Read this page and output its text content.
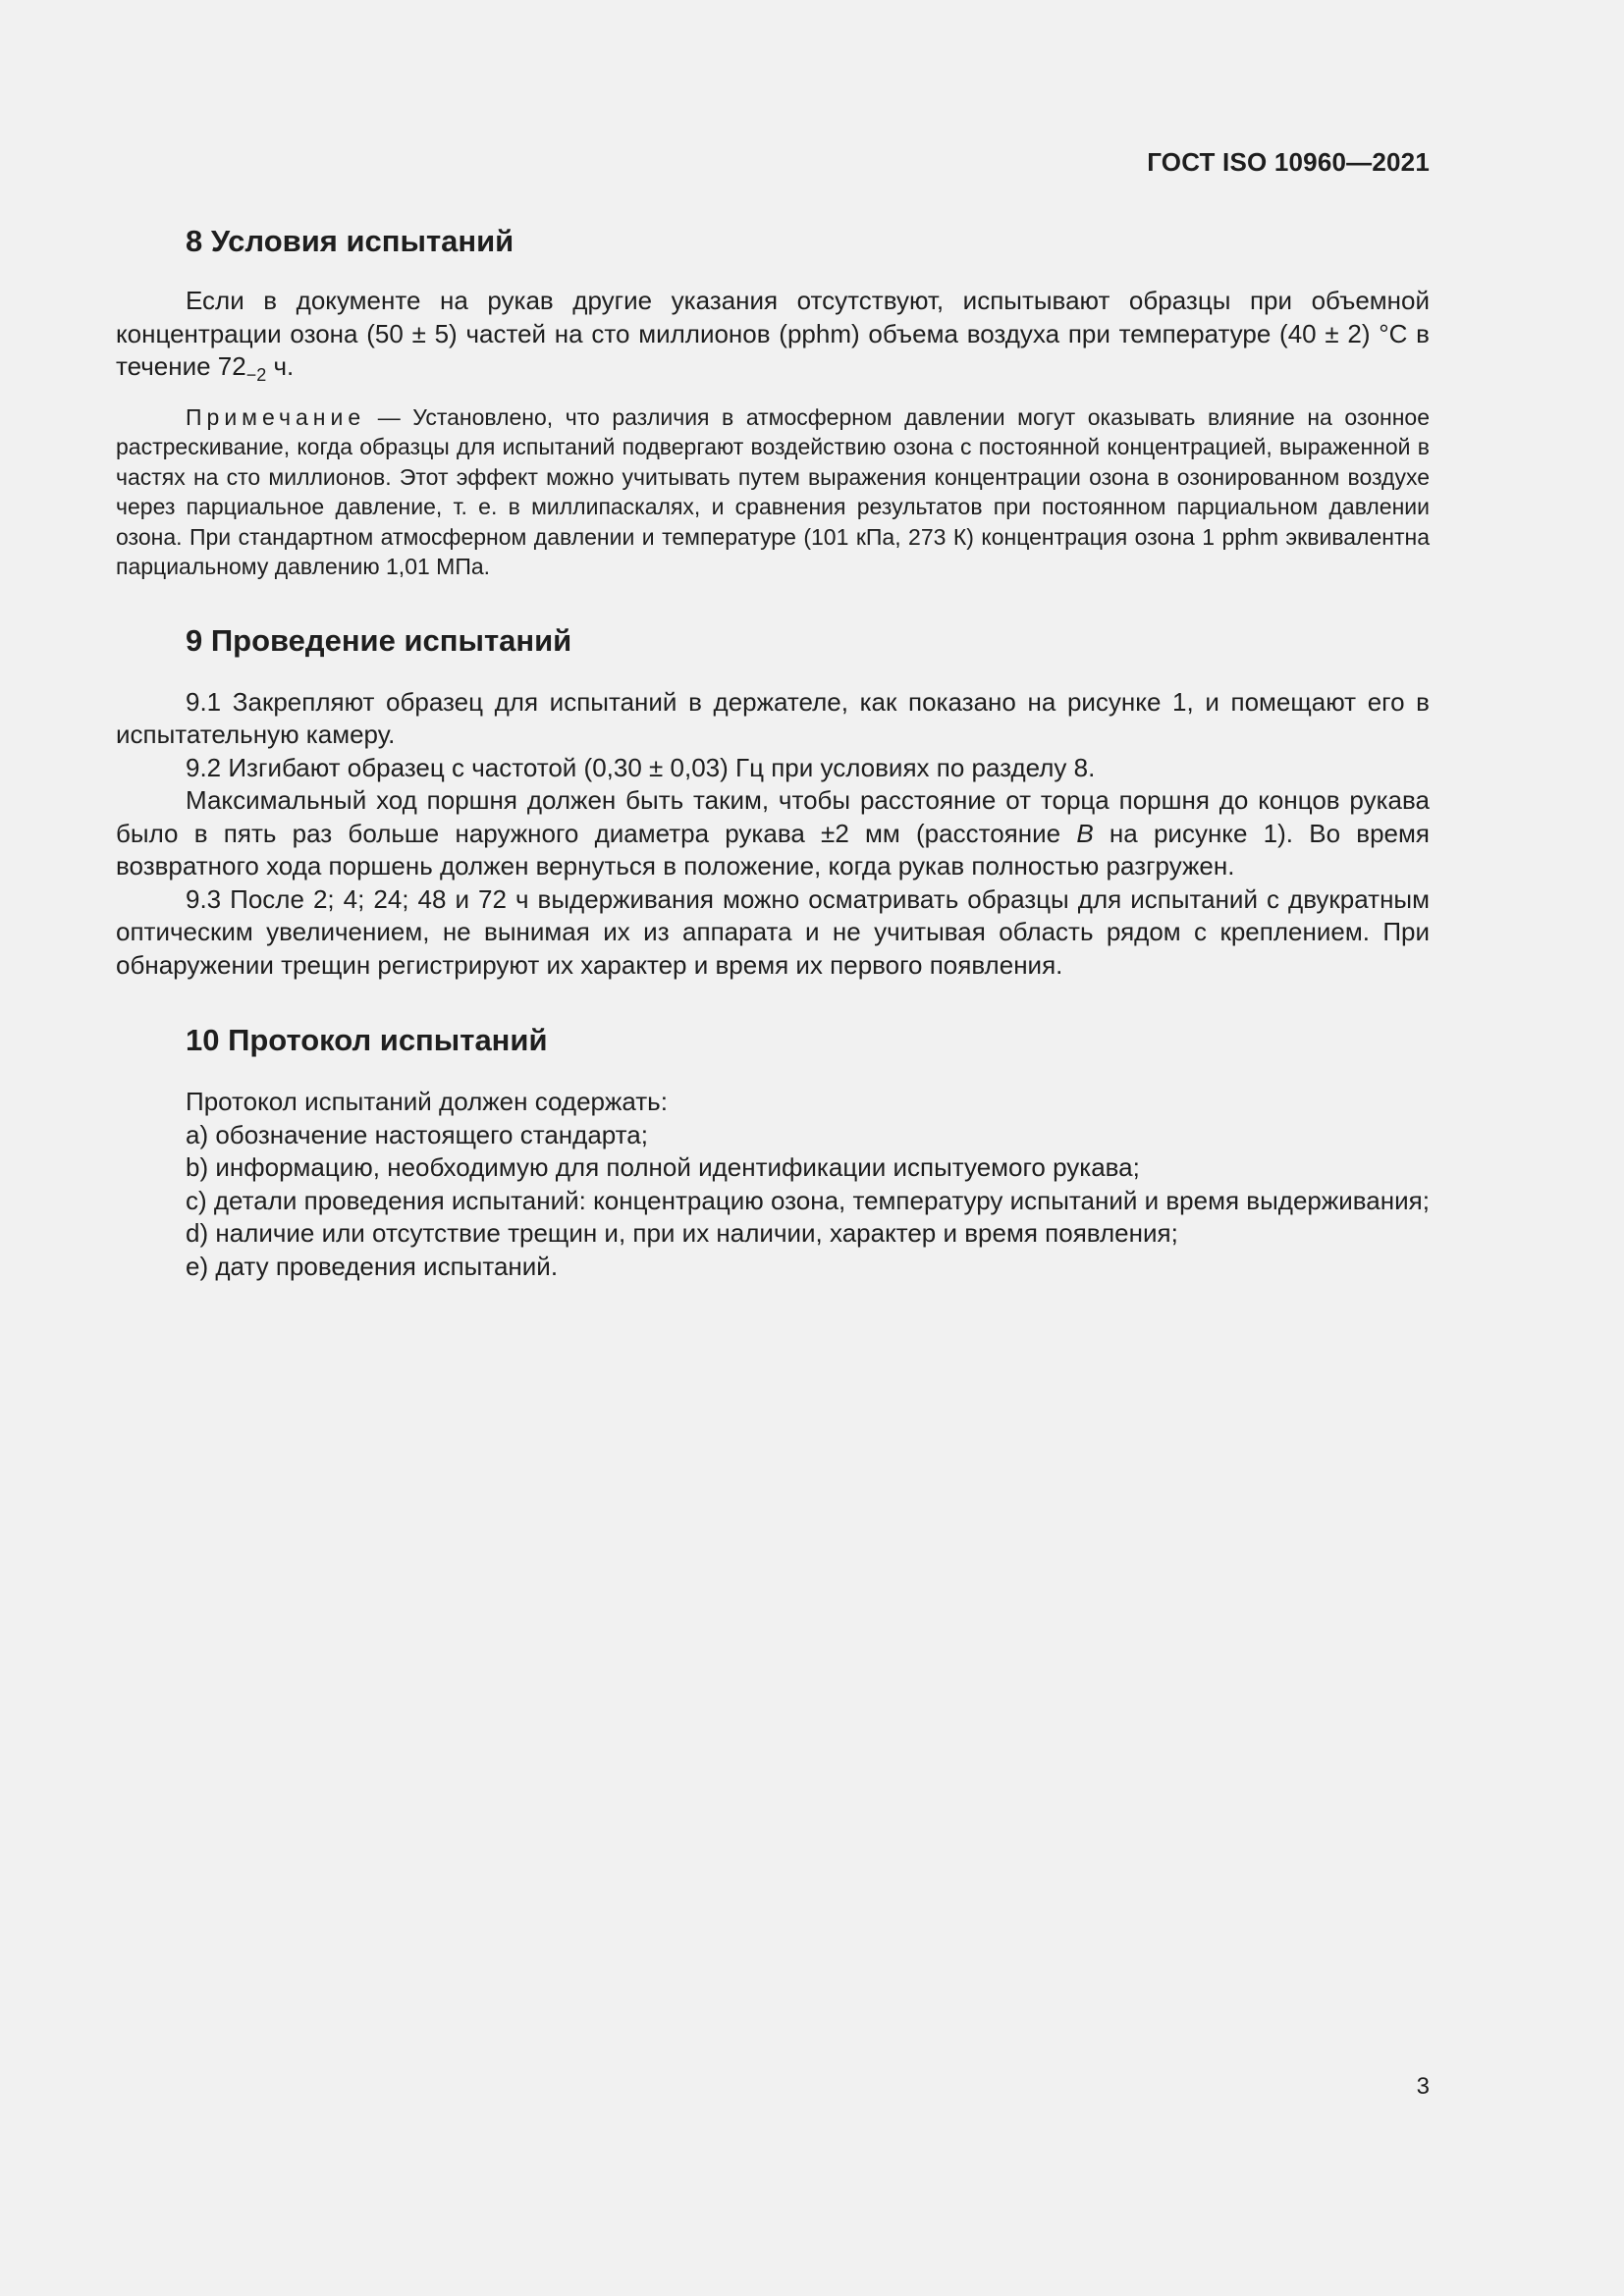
ГОСТ ISO 10960—2021
8 Условия испытаний

Если в документе на рукав другие указания отсутствуют, испытывают образцы при объемной концентрации озона (50 ± 5) частей на сто миллионов (pphm) объема воздуха при температуре (40 ± 2) °С в течение $72_{-2}$ ч.

Примечание — Установлено, что различия в атмосферном давлении могут оказывать влияние на озонное растрескивание, когда образцы для испытаний подвергают воздействию озона с постоянной концентрацией, выраженной в частях на сто миллионов. Этот эффект можно учитывать путем выражения концентрации озона в озонированном воздухе через парциальное давление, т. е. в миллипаскалях, и сравнения результатов при постоянном парциальном давлении озона. При стандартном атмосферном давлении и температуре (101 кПа, 273 К) концентрация озона 1 pphm эквивалентна парциальному давлению 1,01 МПа.

9 Проведение испытаний

9.1 Закрепляют образец для испытаний в держателе, как показано на рисунке 1, и помещают его в испытательную камеру.

9.2 Изгибают образец с частотой (0,30 ± 0,03) Гц при условиях по разделу 8.

Максимальный ход поршня должен быть таким, чтобы расстояние от торца поршня до концов рукава было в пять раз больше наружного диаметра рукава ±2 мм (расстояние B на рисунке 1). Во время возвратного хода поршень должен вернуться в положение, когда рукав полностью разгружен.

9.3 После 2; 4; 24; 48 и 72 ч выдерживания можно осматривать образцы для испытаний с двукратным оптическим увеличением, не вынимая их из аппарата и не учитывая область рядом с креплением. При обнаружении трещин регистрируют их характер и время их первого появления.

10 Протокол испытаний

Протокол испытаний должен содержать:

а) обозначение настоящего стандарта;

b) информацию, необходимую для полной идентификации испытуемого рукава;

c) детали проведения испытаний: концентрацию озона, температуру испытаний и время выдерживания;

d) наличие или отсутствие трещин и, при их наличии, характер и время появления;

е) дату проведения испытаний.

3
